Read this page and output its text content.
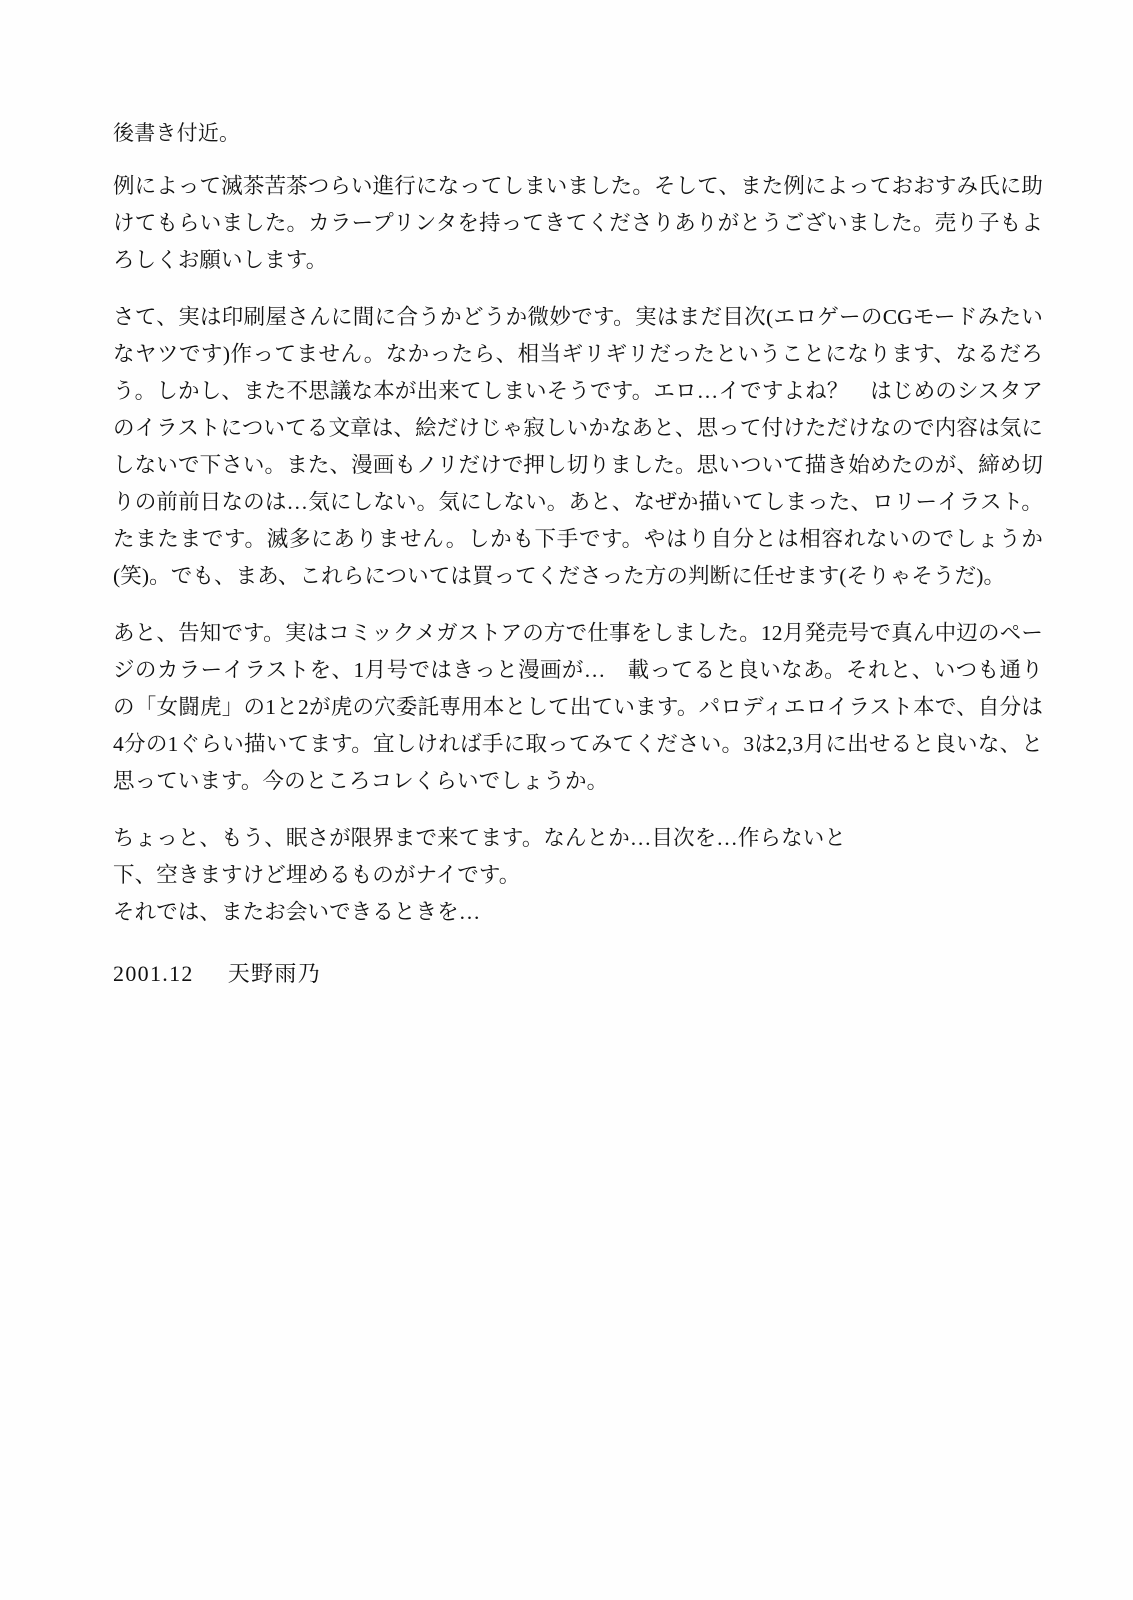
後書き付近。

例によって滅茶苦茶つらい進行になってしまいました。そして、また例によっておおすみ氏に助けてもらいました。カラープリンタを持ってきてくださりありがとうございました。売り子もよろしくお願いします。

さて、実は印刷屋さんに間に合うかどうか微妙です。実はまだ目次(エロゲーのCGモードみたいなヤツです)作ってません。なかったら、相当ギリギリだったということになります、なるだろう。しかし、また不思議な本が出来てしまいそうです。エロ…イですよね？　はじめのシスタアのイラストについてる文章は、絵だけじゃ寂しいかなあと、思って付けただけなので内容は気にしないで下さい。また、漫画もノリだけで押し切りました。思いついて描き始めたのが、締め切りの前前日なのは…気にしない。気にしない。あと、なぜか描いてしまった、ロリーイラスト。たまたまです。滅多にありません。しかも下手です。やはり自分とは相容れないのでしょうか(笑)。でも、まあ、これらについては買ってくださった方の判断に任せます(そりゃそうだ)。

あと、告知です。実はコミックメガストアの方で仕事をしました。12月発売号で真ん中辺のページのカラーイラストを、1月号ではきっと漫画が…　載ってると良いなあ。それと、いつも通りの「女闘虎」の1と2が虎の穴委託専用本として出ています。パロディエロイラスト本で、自分は4分の1ぐらい描いてます。宜しければ手に取ってみてください。3は2,3月に出せると良いな、と思っています。今のところコレくらいでしょうか。

ちょっと、もう、眠さが限界まで来てます。なんとか…目次を…作らないと
下、空きますけど埋めるものがナイです。
それでは、またお会いできるときを…

2001.12 天野雨乃
